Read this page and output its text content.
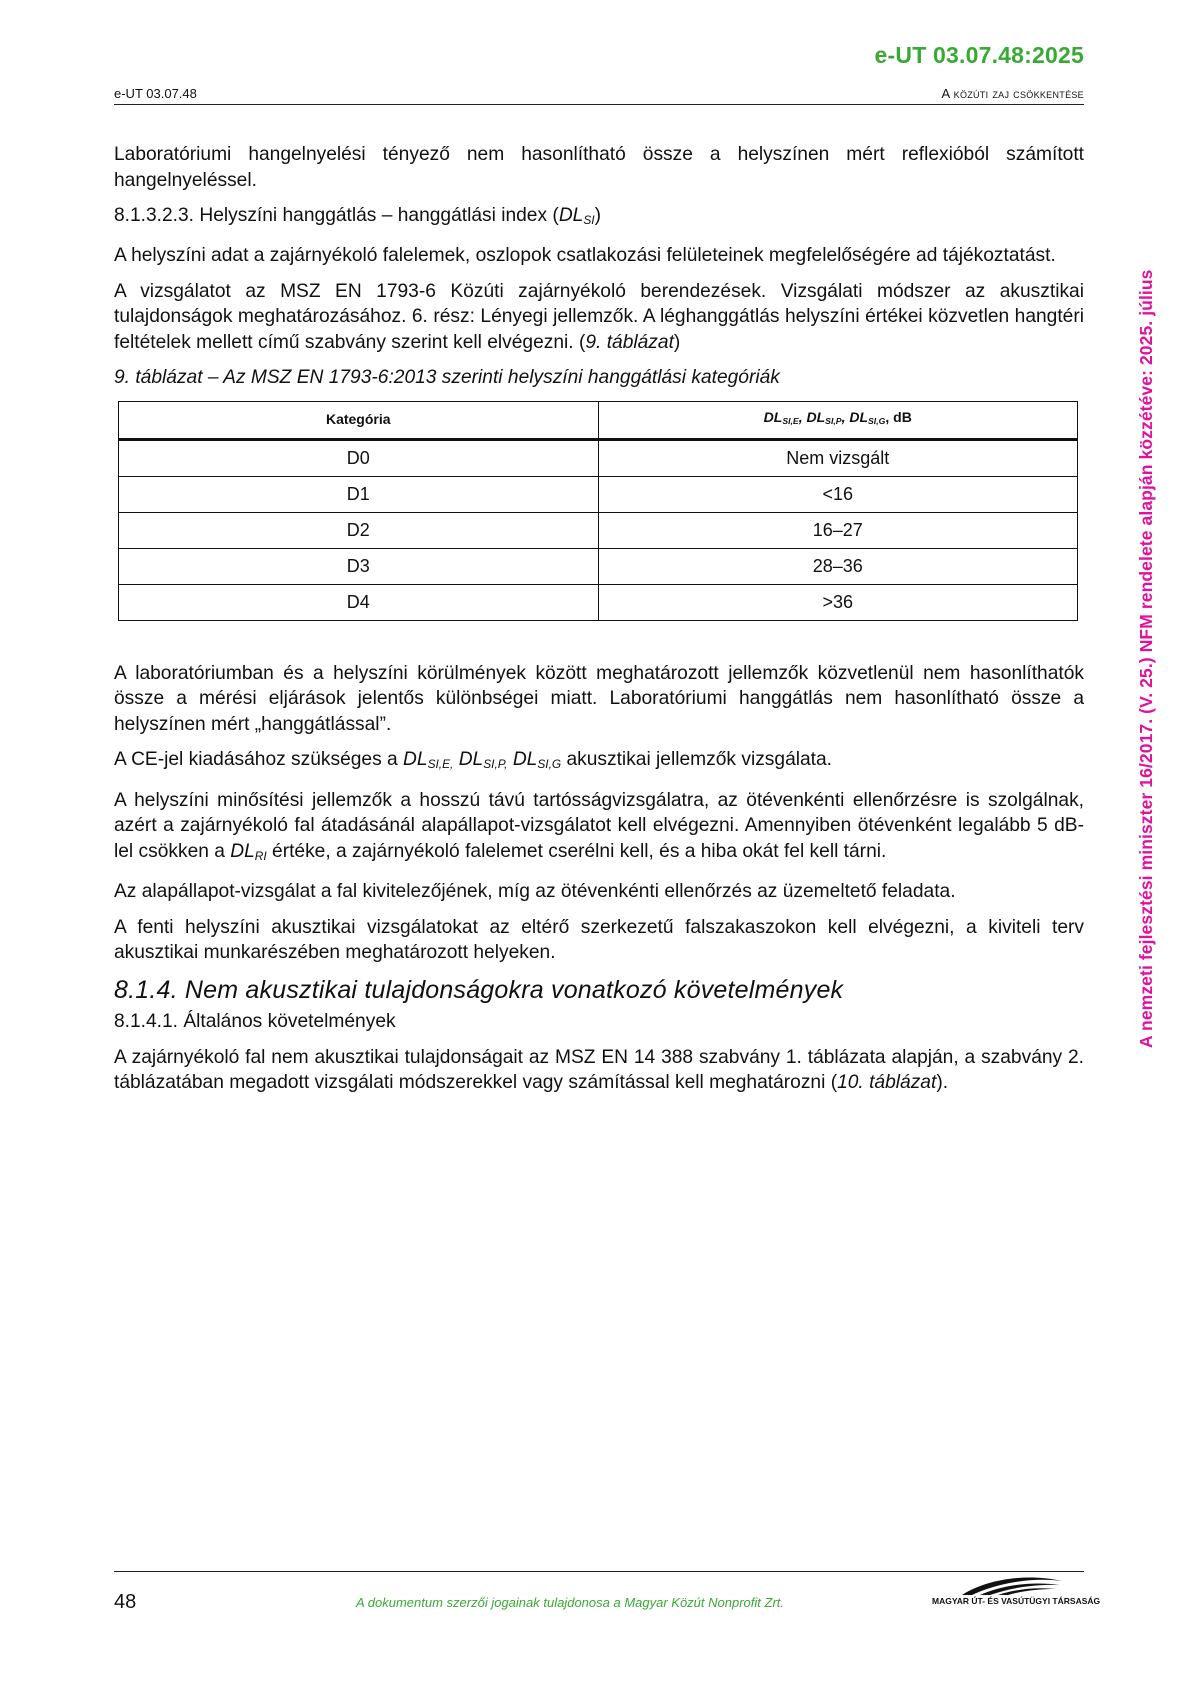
e-UT 03.07.48:2025
e-UT 03.07.48	A közúti zaj csökkentése

Laboratóriumi hangelnyelési tényező nem hasonlítható össze a helyszínen mért reflexióból számított hangelnyeléssel.

8.1.3.2.3. Helyszíni hanggátlás – hanggátlási index $(DL_{SI})$

A helyszíni adat a zajárnyékoló falelemek, oszlopok csatlakozási felületeinek megfelelőségére ad tájékoztatást.

A vizsgálatot az MSZ EN 1793-6 Közúti zajárnyékoló berendezések. Vizsgálati módszer az akusztikai tulajdonságok meghatározásához. 6. rész: Lényegi jellemzők. A léghanggátlás helyszíni értékei közvetlen hangtéri feltételek mellett című szabvány szerint kell elvégezni. (9. táblázat)

9. táblázat – Az MSZ EN 1793-6:2013 szerinti helyszíni hanggátlási kategóriák

Kategória	$DL_{SI,E}$, $DL_{SI,P}$, $DL_{SI,G}$, dB
D0	Nem vizsgált
D1	<16
D2	16–27
D3	28–36
D4	>36

A laboratóriumban és a helyszíni körülmények között meghatározott jellemzők közvetlenül nem hasonlíthatók össze a mérési eljárások jelentős különbségei miatt. Laboratóriumi hanggátlás nem hasonlítható össze a helyszínen mért „hanggátlással”.

A CE-jel kiadásához szükséges a $DL_{SI,E,}$ $DL_{SI,P,}$ $DL_{SI,G}$ akusztikai jellemzők vizsgálata.

A helyszíni minősítési jellemzők a hosszú távú tartósságvizsgálatra, az ötévenkénti ellenőrzésre is szolgálnak, azért a zajárnyékoló fal átadásánál alapállapot-vizsgálatot kell elvégezni. Amennyiben ötévenként legalább 5 dB-lel csökken a $DL_{RI}$ értéke, a zajárnyékoló falelemet cserélni kell, és a hiba okát fel kell tárni.

Az alapállapot-vizsgálat a fal kivitelezőjének, míg az ötévenkénti ellenőrzés az üzemeltető feladata.

A fenti helyszíni akusztikai vizsgálatokat az eltérő szerkezetű falszakaszokon kell elvégezni, a kiviteli terv akusztikai munkarészében meghatározott helyeken.

8.1.4. Nem akusztikai tulajdonságokra vonatkozó követelmények

8.1.4.1. Általános követelmények

A zajárnyékoló fal nem akusztikai tulajdonságait az MSZ EN 14 388 szabvány 1. táblázata alapján, a szabvány 2. táblázatában megadott vizsgálati módszerekkel vagy számítással kell meghatározni (10. táblázat).

A nemzeti fejlesztési miniszter 16/2017. (V. 25.) NFM rendelete alapján közzétéve: 2025. július
48	A dokumentum szerzői jogainak tulajdonosa a Magyar Közút Nonprofit Zrt.	MAGYAR ÚT- ÉS VASÚTÜGYI TÁRSASÁG
